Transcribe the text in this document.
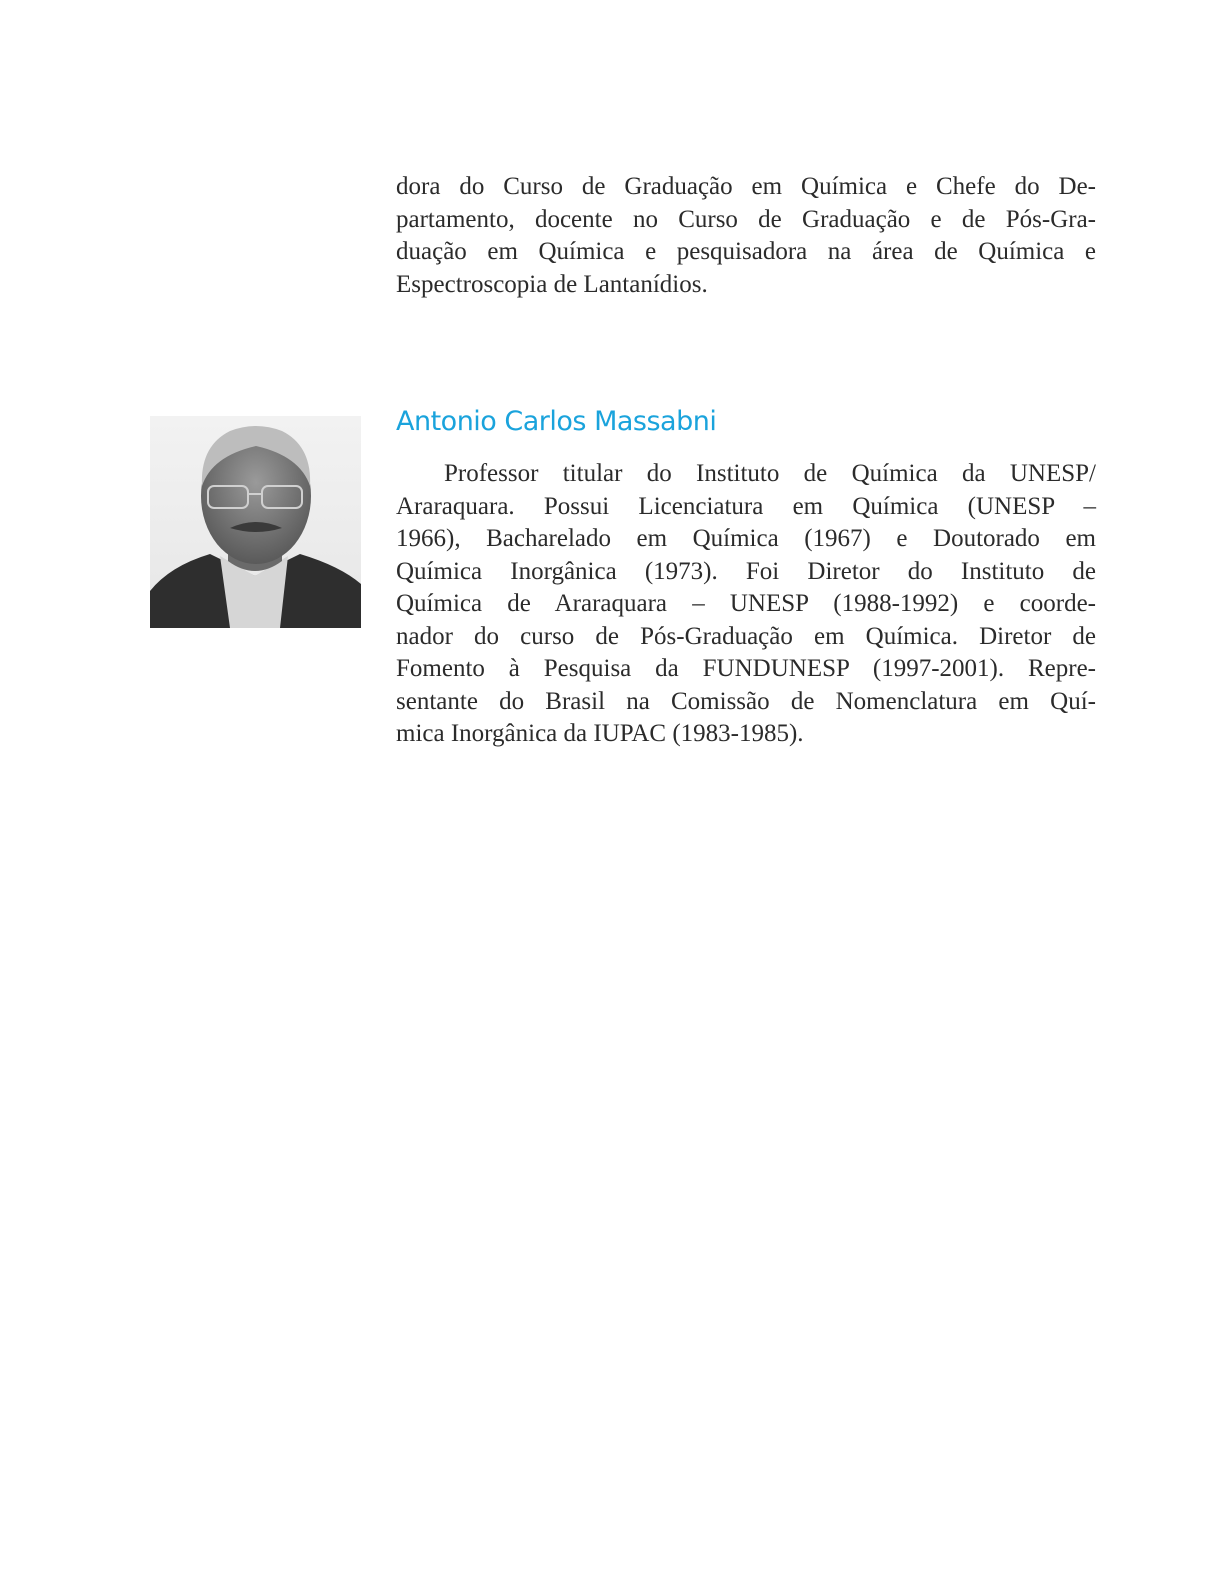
dora do Curso de Graduação em Química e Chefe do De-
partamento, docente no Curso de Graduação e de Pós-Gra-
duação em Química e pesquisadora na área de Química e
Espectroscopia de Lantanídios.

Antonio Carlos Massabni

Professor titular do Instituto de Química da UNESP/
Araraquara. Possui Licenciatura em Química (UNESP –
1966), Bacharelado em Química (1967) e Doutorado em
Química Inorgânica (1973). Foi Diretor do Instituto de
Química de Araraquara – UNESP (1988-1992) e coorde-
nador do curso de Pós-Graduação em Química. Diretor de
Fomento à Pesquisa da FUNDUNESP (1997-2001). Repre-
sentante do Brasil na Comissão de Nomenclatura em Quí-
mica Inorgânica da IUPAC (1983-1985).
